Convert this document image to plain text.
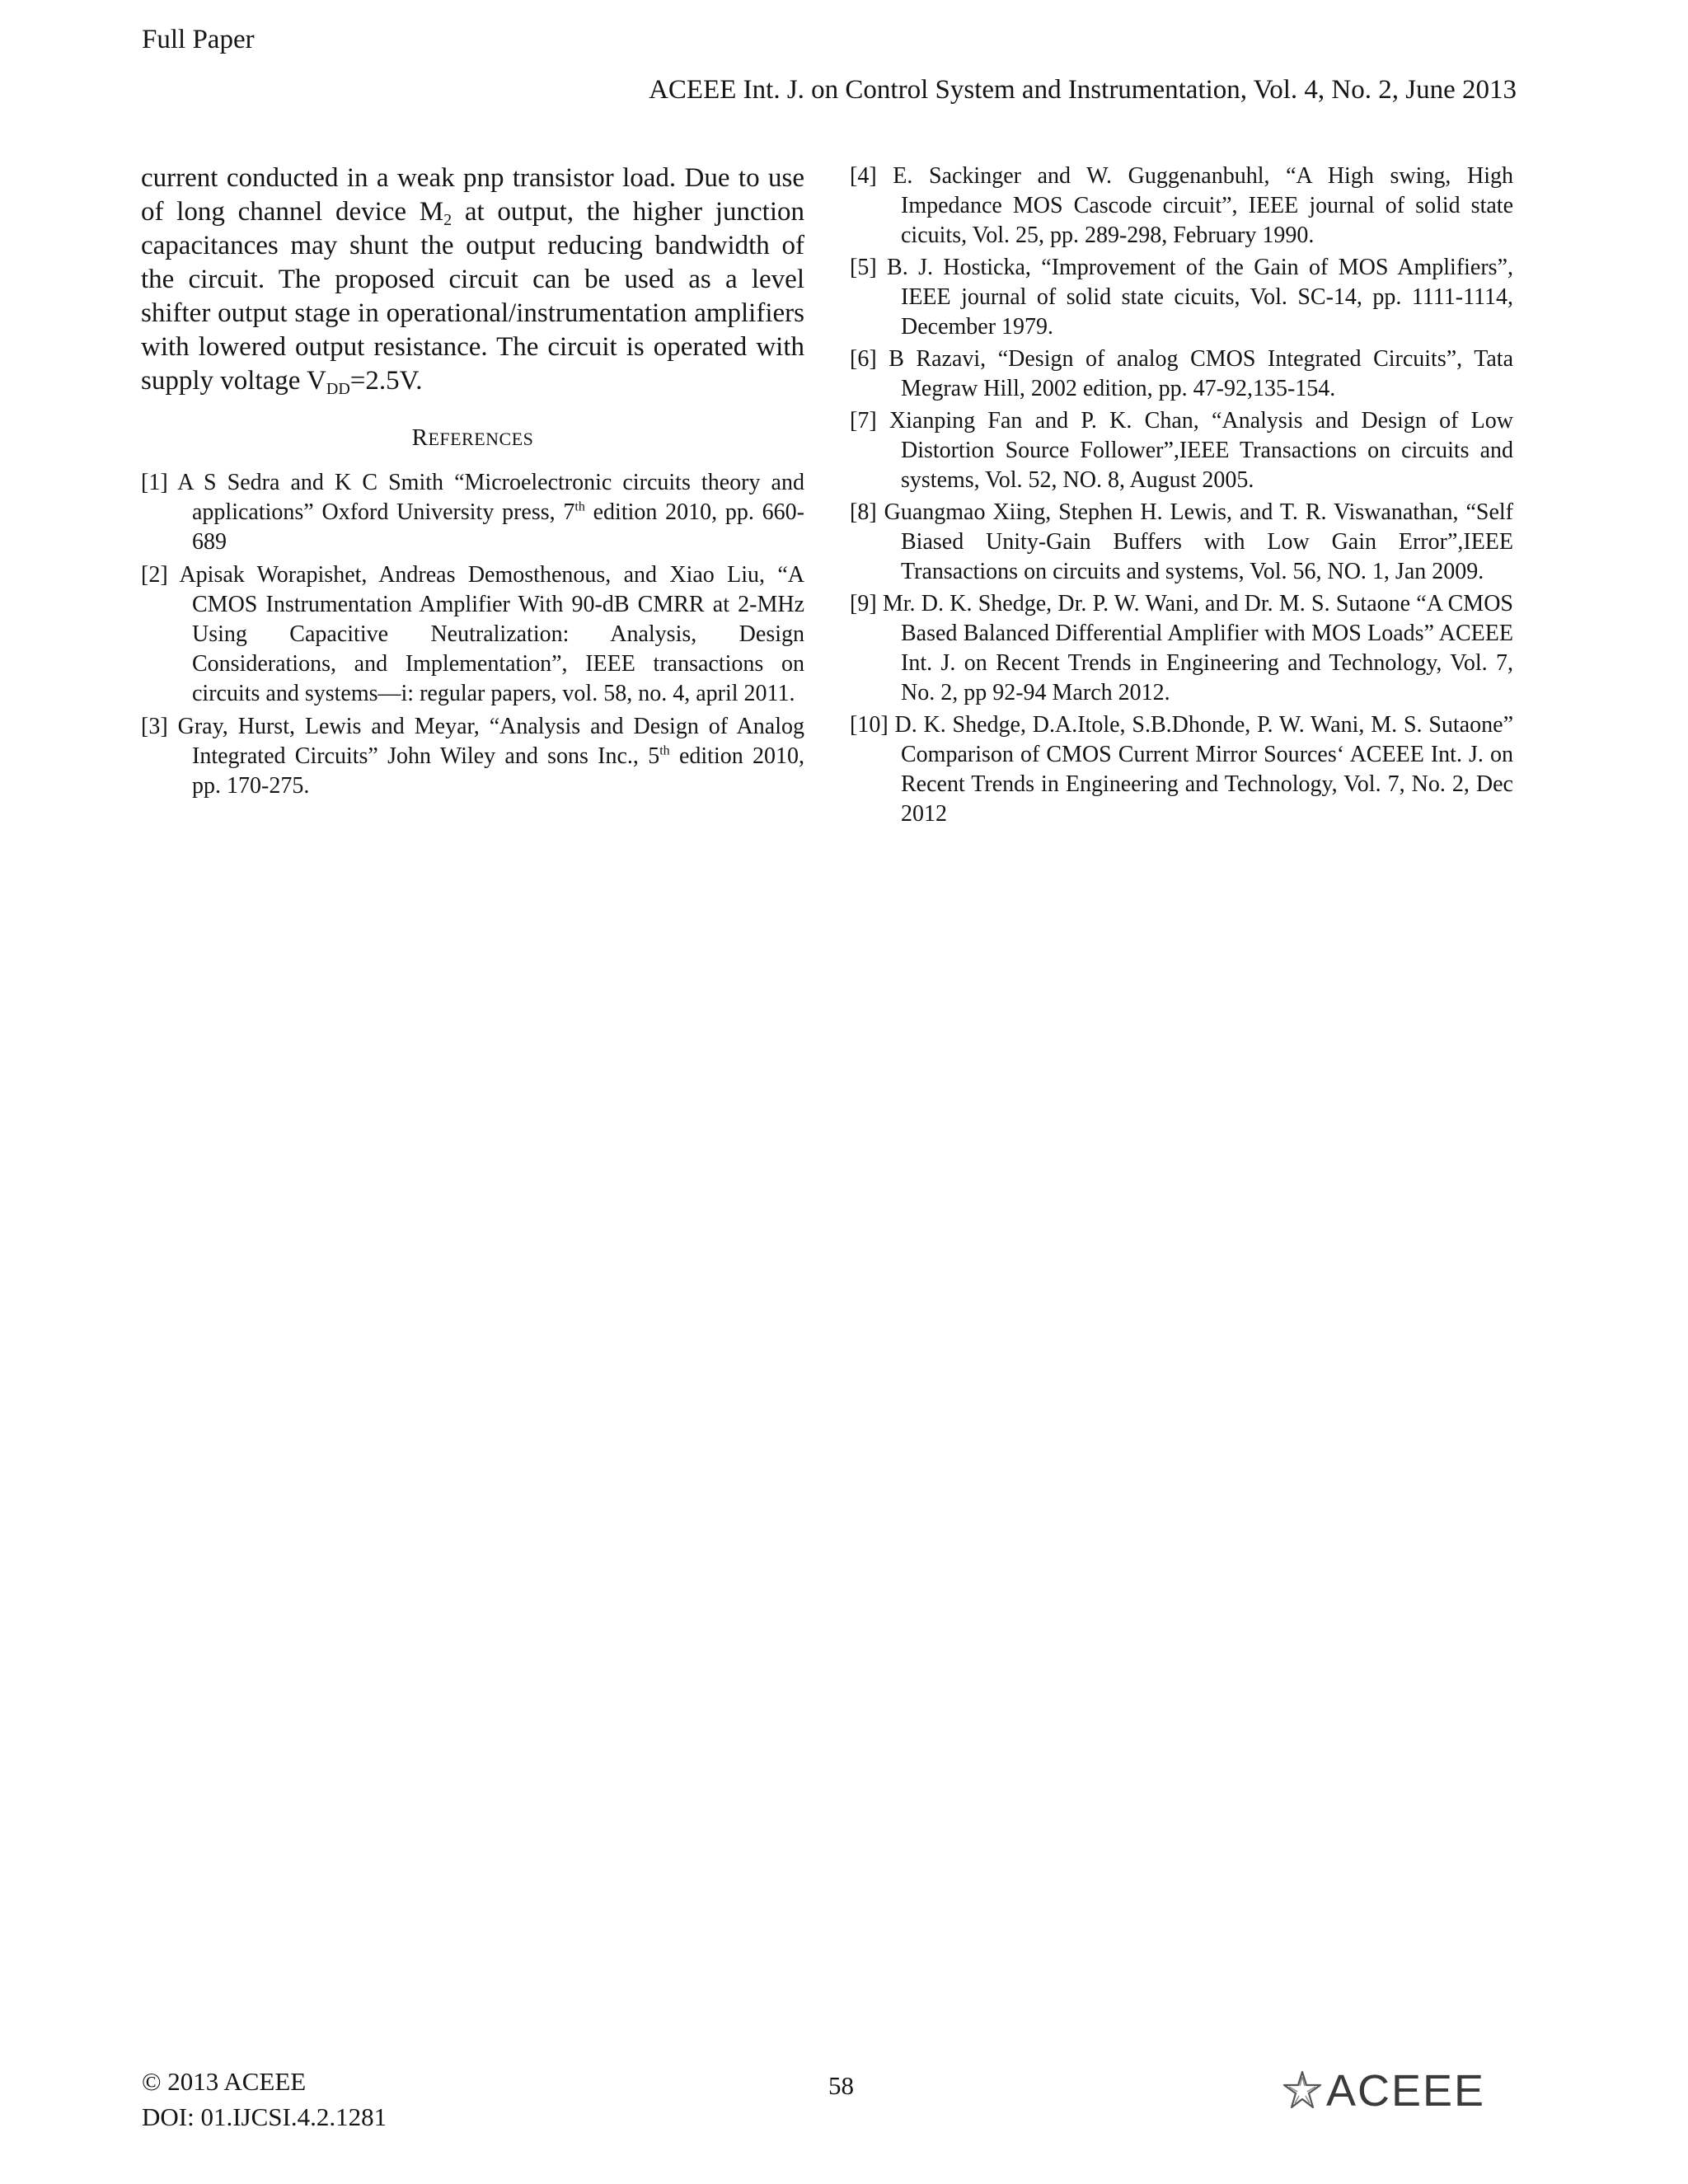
Full Paper
ACEEE Int. J. on Control System and Instrumentation, Vol. 4, No. 2, June 2013

current conducted in a weak pnp transistor load. Due to use of long channel device $M_2$ at output, the higher junction capacitances may shunt the output reducing bandwidth of the circuit. The proposed circuit can be used as a level shifter output stage in operational/instrumentation amplifiers with lowered output resistance. The circuit is operated with supply voltage $V_{DD}=2.5V$.

REFERENCES
[1] A S Sedra and K C Smith “Microelectronic circuits theory and applications” Oxford University press, 7th edition 2010, pp. 660-689
[2] Apisak Worapishet, Andreas Demosthenous, and Xiao Liu, “A CMOS Instrumentation Amplifier With 90-dB CMRR at 2-MHz Using Capacitive Neutralization: Analysis, Design Considerations, and Implementation”, IEEE transactions on circuits and systems—i: regular papers, vol. 58, no. 4, april 2011.
[3] Gray, Hurst, Lewis and Meyar, “Analysis and Design of Analog Integrated Circuits” John Wiley and sons Inc., 5th edition 2010, pp. 170-275.
[4] E. Sackinger and W. Guggenanbuhl, “A High swing, High Impedance MOS Cascode circuit”, IEEE journal of solid state cicuits, Vol. 25, pp. 289-298, February 1990.
[5] B. J. Hosticka, “Improvement of the Gain of MOS Amplifiers”, IEEE journal of solid state cicuits, Vol. SC-14, pp. 1111-1114, December 1979.
[6] B Razavi, “Design of analog CMOS Integrated Circuits”, Tata Megraw Hill, 2002 edition, pp. 47-92,135-154.
[7] Xianping Fan and P. K. Chan, “Analysis and Design of Low Distortion Source Follower”,IEEE Transactions on circuits and systems, Vol. 52, NO. 8, August 2005.
[8] Guangmao Xiing, Stephen H. Lewis, and T. R. Viswanathan, “Self Biased Unity-Gain Buffers with Low Gain Error”,IEEE Transactions on circuits and systems, Vol. 56, NO. 1, Jan 2009.
[9] Mr. D. K. Shedge, Dr. P. W. Wani, and Dr. M. S. Sutaone “A CMOS Based Balanced Differential Amplifier with MOS Loads” ACEEE Int. J. on Recent Trends in Engineering and Technology, Vol. 7, No. 2, pp 92-94 March 2012.
[10] D. K. Shedge, D.A.Itole, S.B.Dhonde, P. W. Wani, M. S. Sutaone” Comparison of CMOS Current Mirror Sources‘ ACEEE Int. J. on Recent Trends in Engineering and Technology, Vol. 7, No. 2, Dec 2012
© 2013 ACEEE
DOI: 01.IJCSI.4.2.1281
58	ACEEE
